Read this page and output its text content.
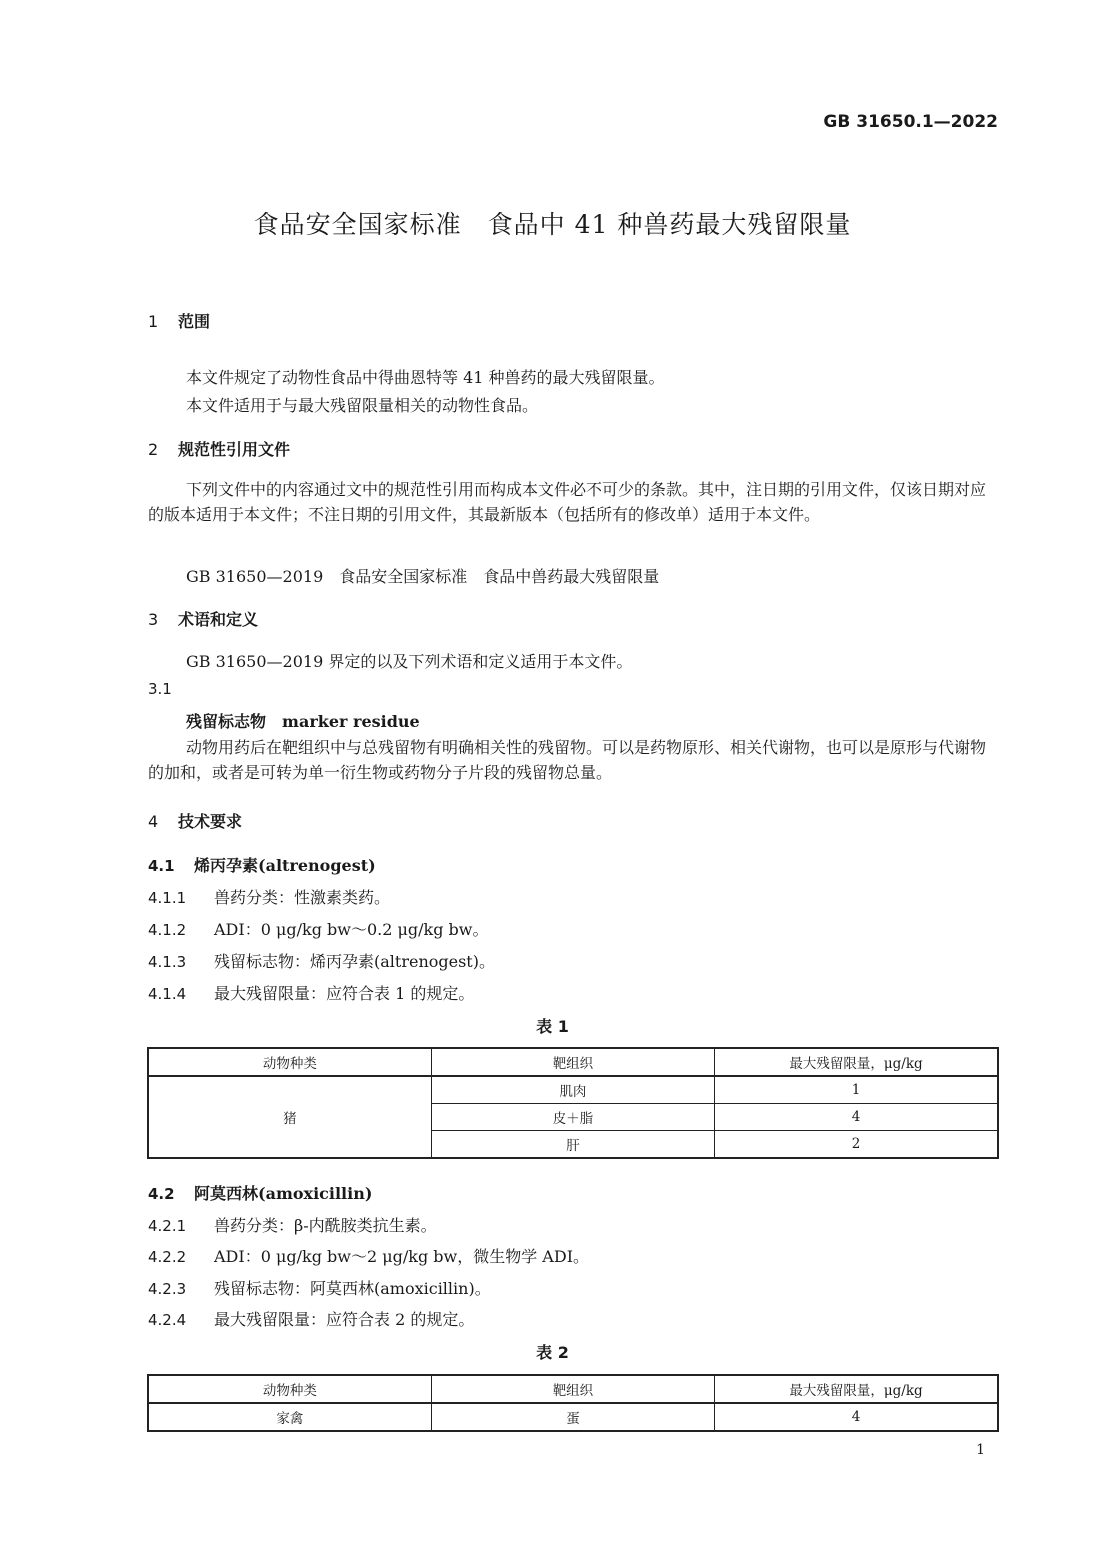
GB 31650.1—2022
食品安全国家标准　食品中 41 种兽药最大残留限量
1 范围
本文件规定了动物性食品中得曲恩特等 41 种兽药的最大残留限量。
本文件适用于与最大残留限量相关的动物性食品。
2 规范性引用文件
下列文件中的内容通过文中的规范性引用而构成本文件必不可少的条款。其中，注日期的引用文件，仅该日期对应的版本适用于本文件；不注日期的引用文件，其最新版本（包括所有的修改单）适用于本文件。
GB 31650—2019　食品安全国家标准　食品中兽药最大残留限量
3 术语和定义
GB 31650—2019 界定的以及下列术语和定义适用于本文件。
3.1
残留标志物　 marker residue
动物用药后在靶组织中与总残留物有明确相关性的残留物。可以是药物原形、相关代谢物，也可以是原形与代谢物的加和，或者是可转为单一衍生物或药物分子片段的残留物总量。
4 技术要求
4.1 烯丙孕素(altrenogest)
4.1.1 兽药分类：性激素类药。
4.1.2 ADI：0 μg/kg bw～0.2 μg/kg bw。
4.1.3 残留标志物：烯丙孕素(altrenogest)。
4.1.4 最大残留限量：应符合表 1 的规定。
表 1
动物种类	靶组织	最大残留限量，μg/kg
猪	肌肉	1
	皮＋脂	4
	肝	2
4.2 阿莫西林(amoxicillin)
4.2.1 兽药分类：β-内酰胺类抗生素。
4.2.2 ADI：0 μg/kg bw～2 μg/kg bw，微生物学 ADI。
4.2.3 残留标志物：阿莫西林(amoxicillin)。
4.2.4 最大残留限量：应符合表 2 的规定。
表 2
动物种类	靶组织	最大残留限量，μg/kg
家禽	蛋	4
1
